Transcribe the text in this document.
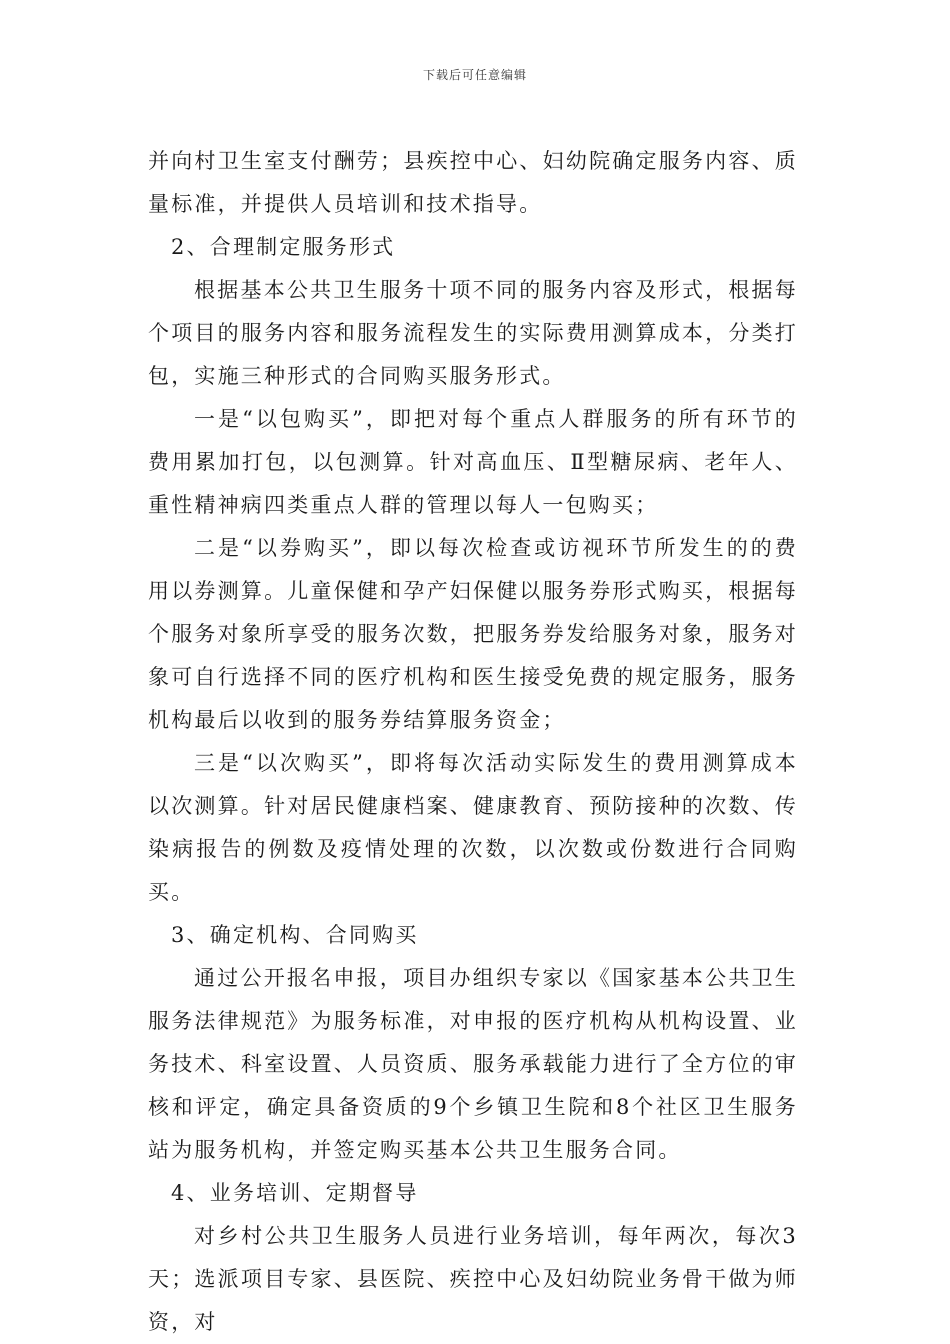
下载后可任意编辑

并向村卫生室支付酬劳；县疾控中心、妇幼院确定服务内容、质量标准，并提供人员培训和技术指导。

2、合理制定服务形式

根据基本公共卫生服务十项不同的服务内容及形式，根据每个项目的服务内容和服务流程发生的实际费用测算成本，分类打包，实施三种形式的合同购买服务形式。

一是“以包购买”，即把对每个重点人群服务的所有环节的费用累加打包，以包测算。针对高血压、Ⅱ型糖尿病、老年人、重性精神病四类重点人群的管理以每人一包购买；

二是“以券购买”，即以每次检查或访视环节所发生的的费用以券测算。儿童保健和孕产妇保健以服务券形式购买，根据每个服务对象所享受的服务次数，把服务券发给服务对象，服务对象可自行选择不同的医疗机构和医生接受免费的规定服务，服务机构最后以收到的服务券结算服务资金；

三是“以次购买”，即将每次活动实际发生的费用测算成本以次测算。针对居民健康档案、健康教育、预防接种的次数、传染病报告的例数及疫情处理的次数，以次数或份数进行合同购买。

3、确定机构、合同购买

通过公开报名申报，项目办组织专家以《国家基本公共卫生服务法律规范》为服务标准，对申报的医疗机构从机构设置、业务技术、科室设置、人员资质、服务承载能力进行了全方位的审核和评定，确定具备资质的9个乡镇卫生院和8个社区卫生服务站为服务机构，并签定购买基本公共卫生服务合同。

4、业务培训、定期督导

对乡村公共卫生服务人员进行业务培训，每年两次，每次3天；选派项目专家、县医院、疾控中心及妇幼院业务骨干做为师资，对
